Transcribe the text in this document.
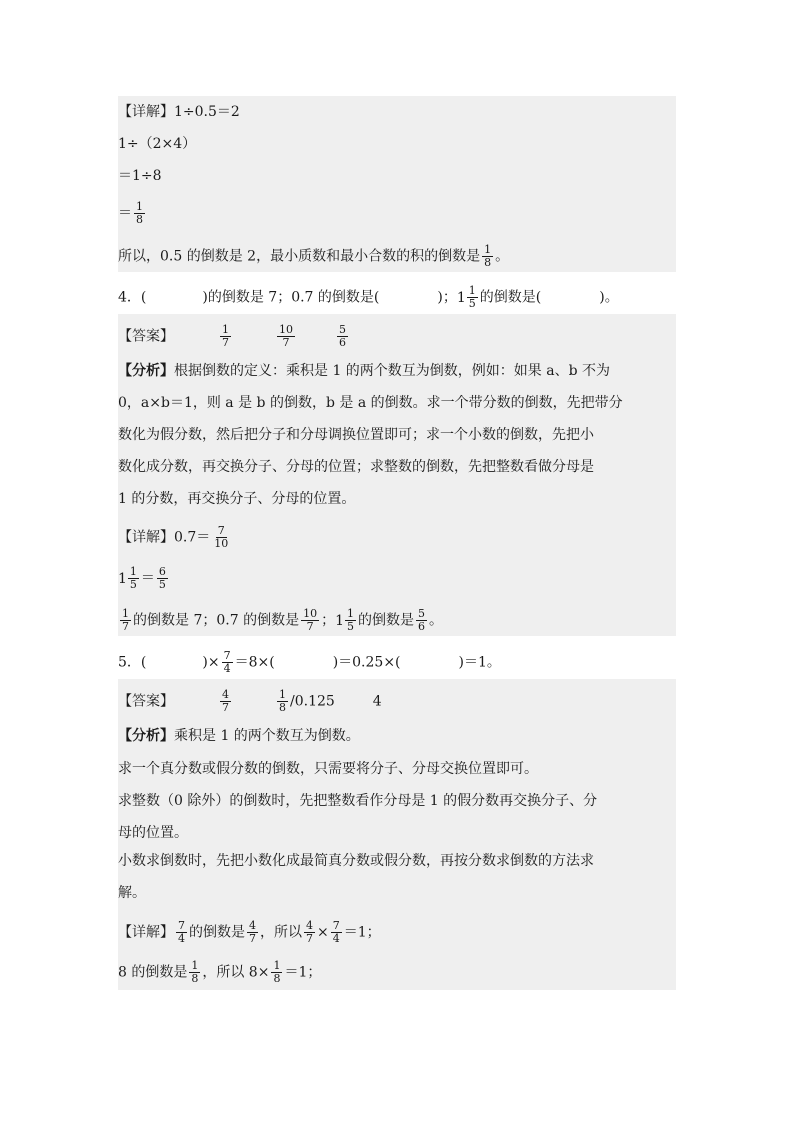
【详解】1÷0.5＝2
1÷（2×4）
＝1÷8
＝ $\frac{1}{8}$
所以，0.5 的倒数是 2，最小质数和最小合数的积的倒数是 $\frac{1}{8}$ 。
4．(	)的倒数是 7；0.7 的倒数是(	)；$1 \frac{1}{5}$ 的倒数是(	)。
【答案】	$\frac{1}{7}$	$\frac{10}{7}$	$\frac{5}{6}$
【分析】根据倒数的定义：乘积是 1 的两个数互为倒数，例如：如果 a、b 不为
0，a×b＝1，则 a 是 b 的倒数，b 是 a 的倒数。求一个带分数的倒数，先把带分
数化为假分数，然后把分子和分母调换位置即可；求一个小数的倒数，先把小
数化成分数，再交换分子、分母的位置；求整数的倒数，先把整数看做分母是
1 的分数，再交换分子、分母的位置。
【详解】$0.7= \frac{7}{10}$
$1 \frac{1}{5} = \frac{6}{5}$
$\frac{1}{7}$ 的倒数是 7；0.7 的倒数是 $\frac{10}{7}$ ；$1 \frac{1}{5}$ 的倒数是 $\frac{5}{6}$ 。
5．(	)× $\frac{7}{4} =8\times$(	)＝0.25×(	)＝1。
【答案】	$\frac{4}{7}$	$\frac{1}{8} /0.125$	4
【分析】乘积是 1 的两个数互为倒数。
求一个真分数或假分数的倒数，只需要将分子、分母交换位置即可。
求整数（0 除外）的倒数时，先把整数看作分母是 1 的假分数再交换分子、分
母的位置。
小数求倒数时，先把小数化成最简真分数或假分数，再按分数求倒数的方法求
解。
【详解】 $\frac{7}{4}$ 的倒数是 $\frac{4}{7}$ ，所以 $\frac{4}{7} \times \frac{7}{4} =1$；
8 的倒数是 $\frac{1}{8}$ ，所以 $8\times \frac{1}{8} =1$；
